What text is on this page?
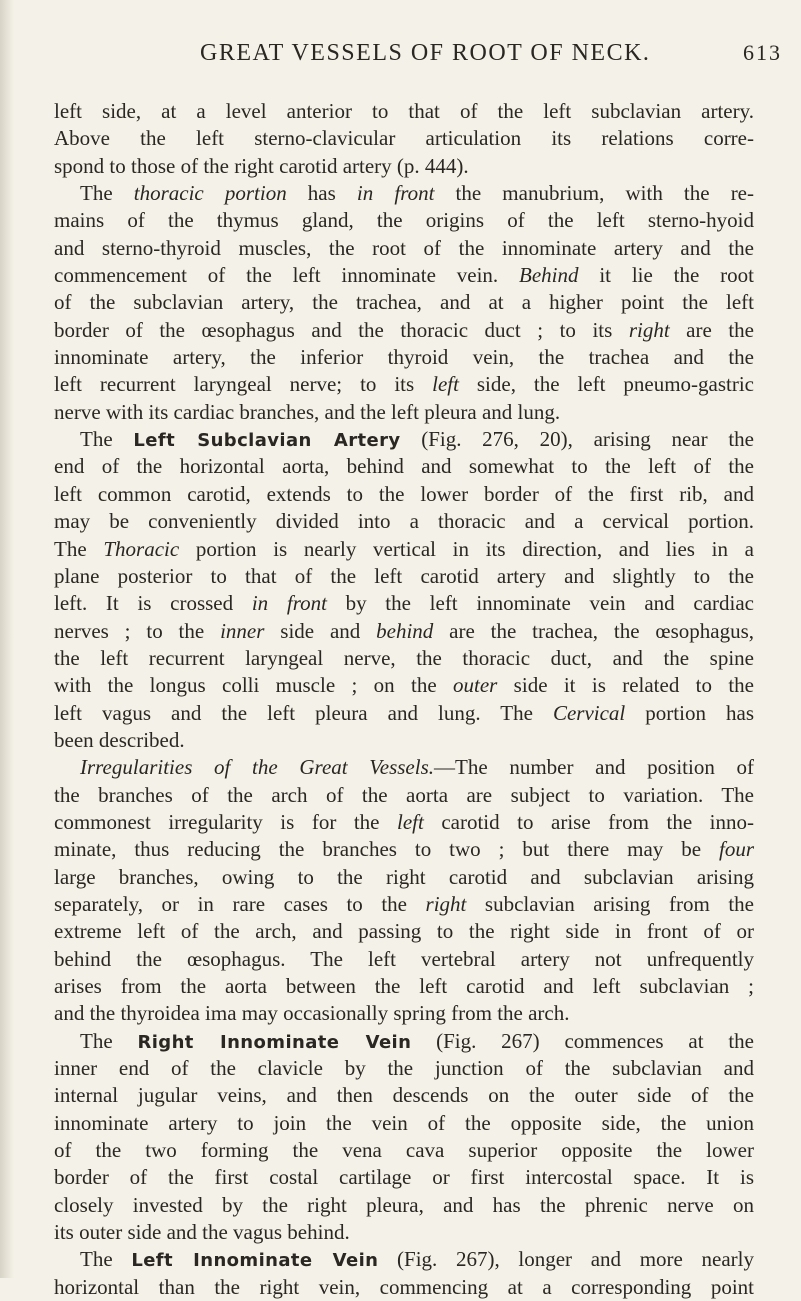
GREAT VESSELS OF ROOT OF NECK.	613
left side, at a level anterior to that of the left subclavian artery.
Above the left sterno-clavicular articulation its relations corre-
spond to those of the right carotid artery (p. 444).
The thoracic portion has in front the manubrium, with the re-
mains of the thymus gland, the origins of the left sterno-hyoid
and sterno-thyroid muscles, the root of the innominate artery and the
commencement of the left innominate vein. Behind it lie the root
of the subclavian artery, the trachea, and at a higher point the left
border of the œsophagus and the thoracic duct ; to its right are the
innominate artery, the inferior thyroid vein, the trachea and the
left recurrent laryngeal nerve; to its left side, the left pneumo-gastric
nerve with its cardiac branches, and the left pleura and lung.
The Left Subclavian Artery (Fig. 276, 20), arising near the
end of the horizontal aorta, behind and somewhat to the left of the
left common carotid, extends to the lower border of the first rib, and
may be conveniently divided into a thoracic and a cervical portion.
The Thoracic portion is nearly vertical in its direction, and lies in a
plane posterior to that of the left carotid artery and slightly to the
left. It is crossed in front by the left innominate vein and cardiac
nerves ; to the inner side and behind are the trachea, the œsophagus,
the left recurrent laryngeal nerve, the thoracic duct, and the spine
with the longus colli muscle ; on the outer side it is related to the
left vagus and the left pleura and lung. The Cervical portion has
been described.
Irregularities of the Great Vessels.—The number and position of
the branches of the arch of the aorta are subject to variation. The
commonest irregularity is for the left carotid to arise from the inno-
minate, thus reducing the branches to two ; but there may be four
large branches, owing to the right carotid and subclavian arising
separately, or in rare cases to the right subclavian arising from the
extreme left of the arch, and passing to the right side in front of or
behind the œsophagus. The left vertebral artery not unfrequently
arises from the aorta between the left carotid and left subclavian ;
and the thyroidea ima may occasionally spring from the arch.
The Right Innominate Vein (Fig. 267) commences at the
inner end of the clavicle by the junction of the subclavian and
internal jugular veins, and then descends on the outer side of the
innominate artery to join the vein of the opposite side, the union
of the two forming the vena cava superior opposite the lower
border of the first costal cartilage or first intercostal space. It is
closely invested by the right pleura, and has the phrenic nerve on
its outer side and the vagus behind.
The Left Innominate Vein (Fig. 267), longer and more nearly
horizontal than the right vein, commencing at a corresponding point
